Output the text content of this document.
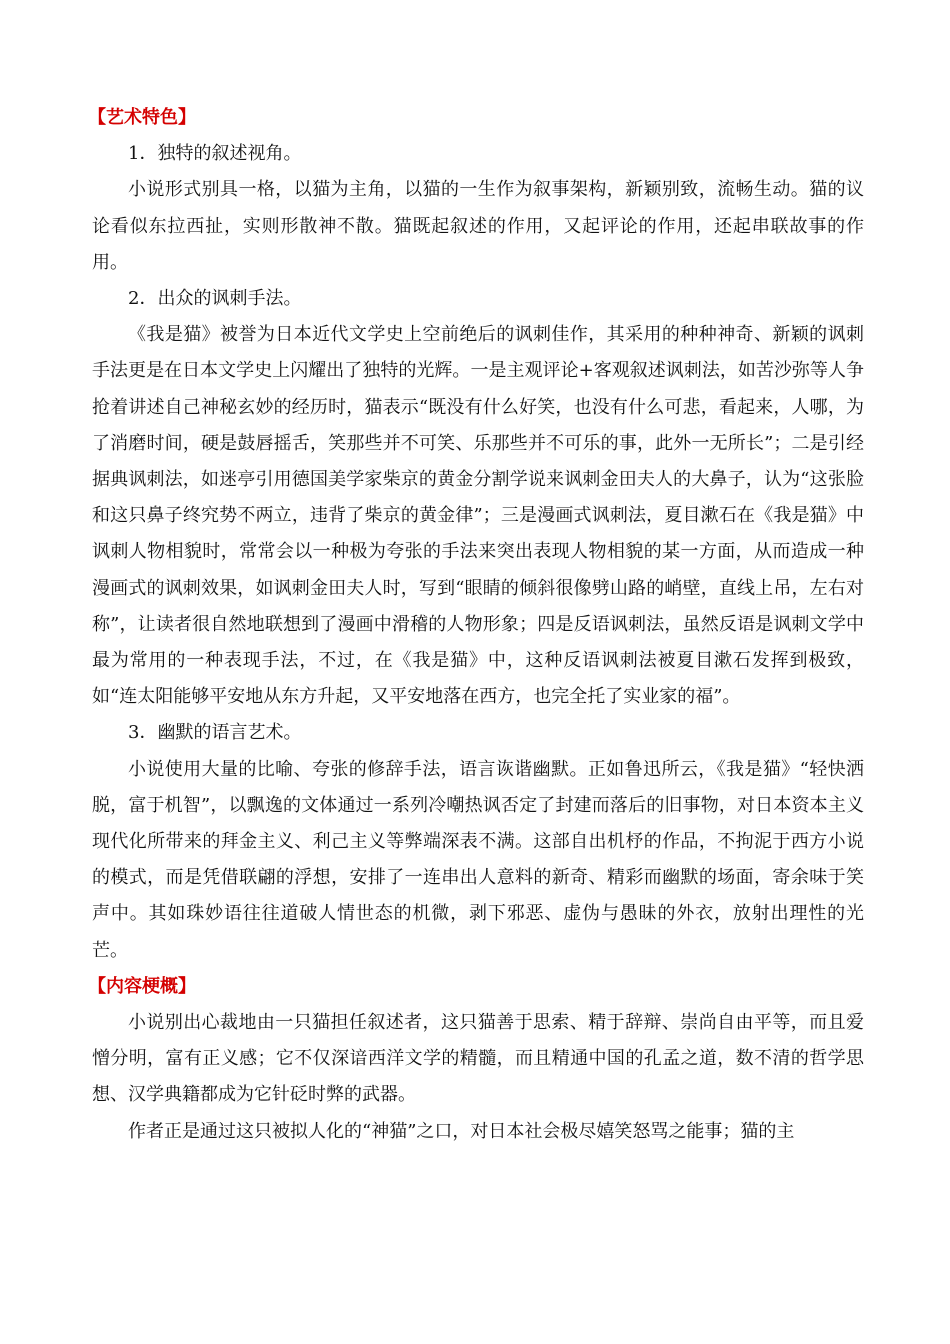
【艺术特色】
1．独特的叙述视角。

小说形式别具一格，以猫为主角，以猫的一生作为叙事架构，新颖别致，流畅生动。猫的议论看似东拉西扯，实则形散神不散。猫既起叙述的作用，又起评论的作用，还起串联故事的作用。

2．出众的讽刺手法。

《我是猫》被誉为日本近代文学史上空前绝后的讽刺佳作，其采用的种种神奇、新颖的讽刺手法更是在日本文学史上闪耀出了独特的光辉。一是主观评论+客观叙述讽刺法，如苦沙弥等人争抢着讲述自己神秘玄妙的经历时，猫表示“既没有什么好笑，也没有什么可悲，看起来，人哪，为了消磨时间，硬是鼓唇摇舌，笑那些并不可笑、乐那些并不可乐的事，此外一无所长”；二是引经据典讽刺法，如迷亭引用德国美学家柴京的黄金分割学说来讽刺金田夫人的大鼻子，认为“这张脸和这只鼻子终究势不两立，违背了柴京的黄金律”；三是漫画式讽刺法，夏目漱石在《我是猫》中讽刺人物相貌时，常常会以一种极为夸张的手法来突出表现人物相貌的某一方面，从而造成一种漫画式的讽刺效果，如讽刺金田夫人时，写到“眼睛的倾斜很像劈山路的峭壁，直线上吊，左右对称”，让读者很自然地联想到了漫画中滑稽的人物形象；四是反语讽刺法，虽然反语是讽刺文学中最为常用的一种表现手法，不过，在《我是猫》中，这种反语讽刺法被夏目漱石发挥到极致，如“连太阳能够平安地从东方升起，又平安地落在西方，也完全托了实业家的福”。

3．幽默的语言艺术。

小说使用大量的比喻、夸张的修辞手法，语言诙谐幽默。正如鲁迅所云，《我是猫》“轻快洒脱，富于机智”，以飘逸的文体通过一系列冷嘲热讽否定了封建而落后的旧事物，对日本资本主义现代化所带来的拜金主义、利己主义等弊端深表不满。这部自出机杼的作品，不拘泥于西方小说的模式，而是凭借联翩的浮想，安排了一连串出人意料的新奇、精彩而幽默的场面，寄余味于笑声中。其如珠妙语往往道破人情世态的机微，剥下邪恶、虚伪与愚昧的外衣，放射出理性的光芒。

【内容梗概】

小说别出心裁地由一只猫担任叙述者，这只猫善于思索、精于辞辩、崇尚自由平等，而且爱憎分明，富有正义感；它不仅深谙西洋文学的精髓，而且精通中国的孔孟之道，数不清的哲学思想、汉学典籍都成为它针砭时弊的武器。

作者正是通过这只被拟人化的“神猫”之口，对日本社会极尽嬉笑怒骂之能事；猫的主
